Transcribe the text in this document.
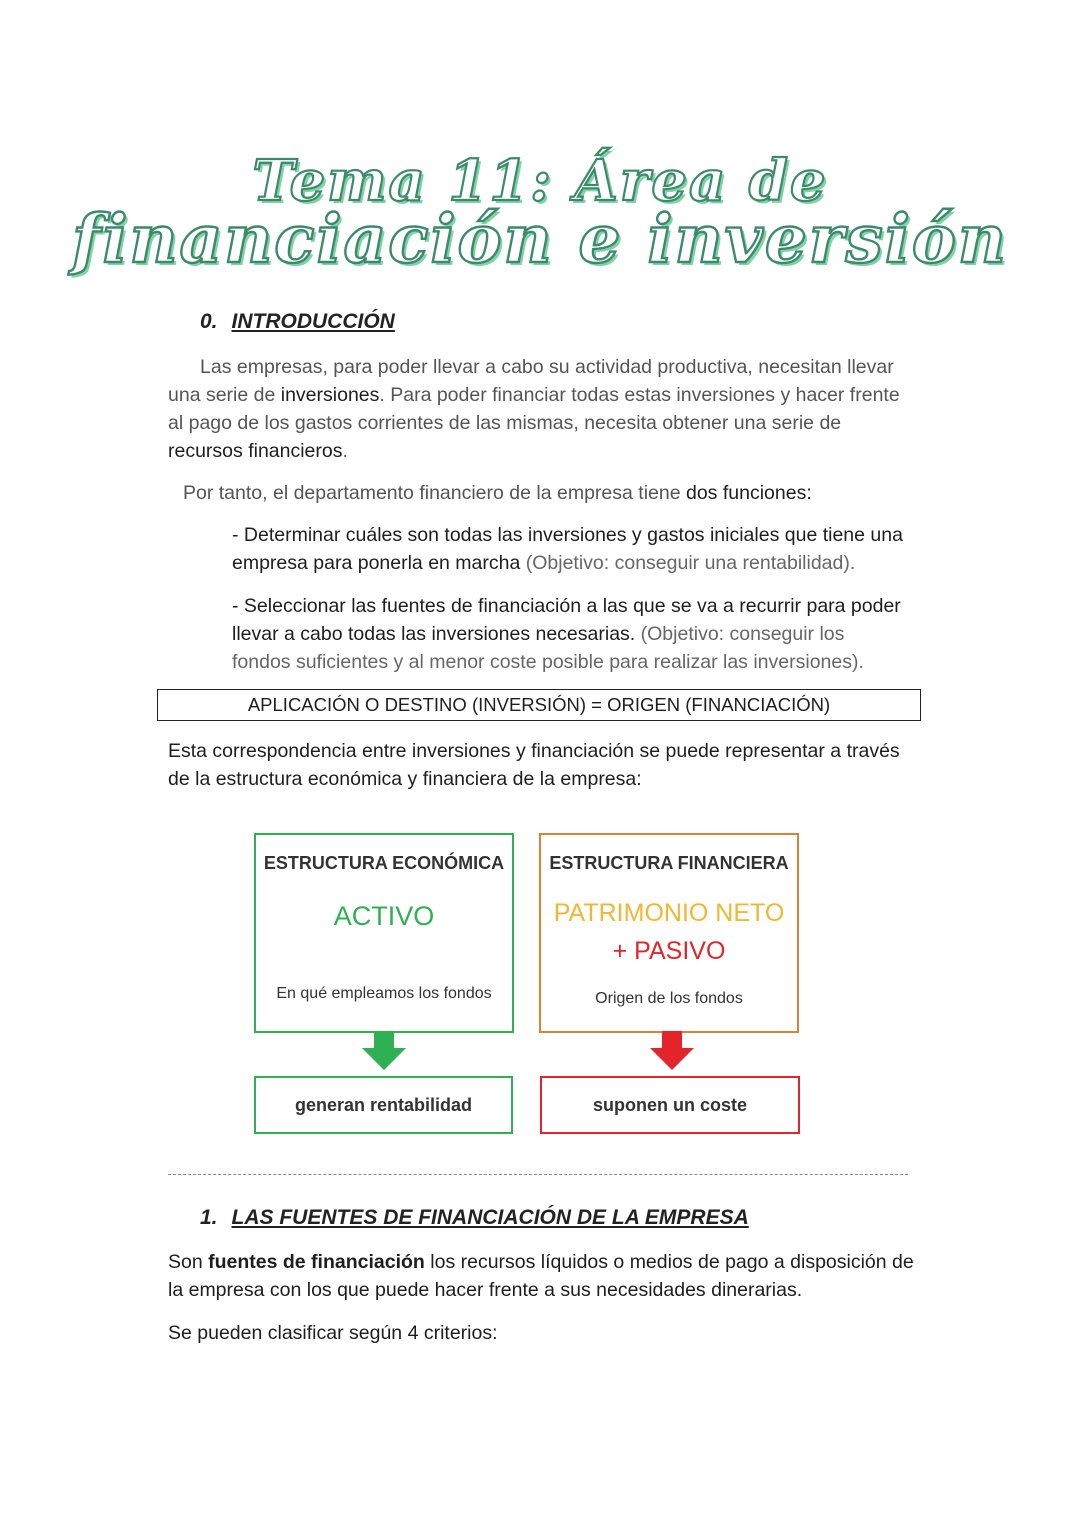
Tema 11: Área de
financiación e inversión
0. INTRODUCCIÓN
Las empresas, para poder llevar a cabo su actividad productiva, necesitan llevar
una serie de inversiones. Para poder financiar todas estas inversiones y hacer frente
al pago de los gastos corrientes de las mismas, necesita obtener una serie de
recursos financieros.
Por tanto, el departamento financiero de la empresa tiene dos funciones:
- Determinar cuáles son todas las inversiones y gastos iniciales que tiene una
empresa para ponerla en marcha (Objetivo: conseguir una rentabilidad).
- Seleccionar las fuentes de financiación a las que se va a recurrir para poder
llevar a cabo todas las inversiones necesarias. (Objetivo: conseguir los
fondos suficientes y al menor coste posible para realizar las inversiones).
APLICACIÓN O DESTINO (INVERSIÓN) = ORIGEN (FINANCIACIÓN)
Esta correspondencia entre inversiones y financiación se puede representar a través
de la estructura económica y financiera de la empresa:
ESTRUCTURA ECONÓMICA
ACTIVO
En qué empleamos los fondos
ESTRUCTURA FINANCIERA
PATRIMONIO NETO
+ PASIVO
Origen de los fondos
generan rentabilidad	suponen un coste
1. LAS FUENTES DE FINANCIACIÓN DE LA EMPRESA
Son fuentes de financiación los recursos líquidos o medios de pago a disposición de
la empresa con los que puede hacer frente a sus necesidades dinerarias.
Se pueden clasificar según 4 criterios:
